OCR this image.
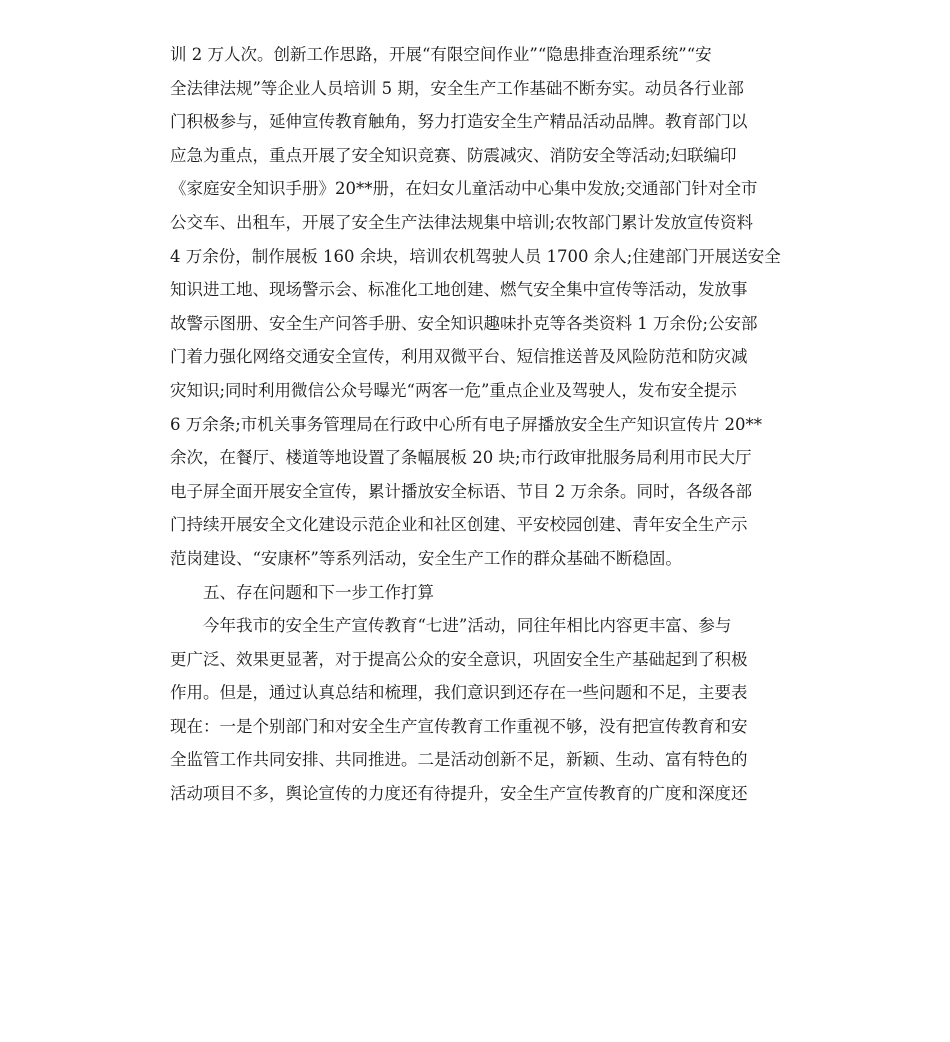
训 2 万人次。创新工作思路，开展“有限空间作业”“隐患排查治理系统”“安
全法律法规”等企业人员培训 5 期，安全生产工作基础不断夯实。动员各行业部
门积极参与，延伸宣传教育触角，努力打造安全生产精品活动品牌。教育部门以
应急为重点，重点开展了安全知识竞赛、防震减灾、消防安全等活动;妇联编印
《家庭安全知识手册》20**册，在妇女儿童活动中心集中发放;交通部门针对全市
公交车、出租车，开展了安全生产法律法规集中培训;农牧部门累计发放宣传资料
4 万余份，制作展板 160 余块，培训农机驾驶人员 1700 余人;住建部门开展送安全
知识进工地、现场警示会、标准化工地创建、燃气安全集中宣传等活动，发放事
故警示图册、安全生产问答手册、安全知识趣味扑克等各类资料 1 万余份;公安部
门着力强化网络交通安全宣传，利用双微平台、短信推送普及风险防范和防灾减
灾知识;同时利用微信公众号曝光“两客一危”重点企业及驾驶人，发布安全提示
6 万余条;市机关事务管理局在行政中心所有电子屏播放安全生产知识宣传片 20**
余次，在餐厅、楼道等地设置了条幅展板 20 块;市行政审批服务局利用市民大厅
电子屏全面开展安全宣传，累计播放安全标语、节目 2 万余条。同时，各级各部
门持续开展安全文化建设示范企业和社区创建、平安校园创建、青年安全生产示
范岗建设、“安康杯”等系列活动，安全生产工作的群众基础不断稳固。
五、存在问题和下一步工作打算
今年我市的安全生产宣传教育“七进”活动，同往年相比内容更丰富、参与
更广泛、效果更显著，对于提高公众的安全意识，巩固安全生产基础起到了积极
作用。但是，通过认真总结和梳理，我们意识到还存在一些问题和不足，主要表
现在：一是个别部门和对安全生产宣传教育工作重视不够，没有把宣传教育和安
全监管工作共同安排、共同推进。二是活动创新不足，新颖、生动、富有特色的
活动项目不多，舆论宣传的力度还有待提升，安全生产宣传教育的广度和深度还
